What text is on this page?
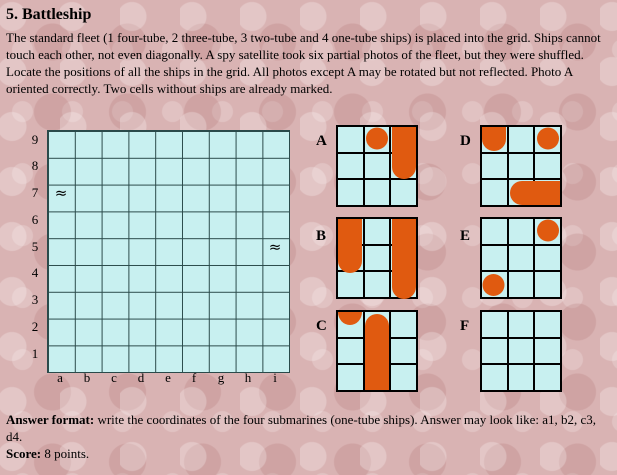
5. Battleship
The standard fleet (1 four-tube, 2 three-tube, 3 two-tube and 4 one-tube ships) is placed into the grid. Ships cannot touch each other, not even diagonally. A spy satellite took six partial photos of the fleet, but they were shuffled. Locate the positions of all the ships in the grid. All photos except A may be rotated but not reflected. Photo A oriented correctly. Two cells without ships are already marked.
9
8
7
6
5
4
3
2
1
a	b	c	d	e	f	g h	i
≈
≈
A
B
C
D
E
F
Answer format: write the coordinates of the four submarines (one-tube ships). Answer may look like: a1, b2, c3, d4.
Score: 8 points.
